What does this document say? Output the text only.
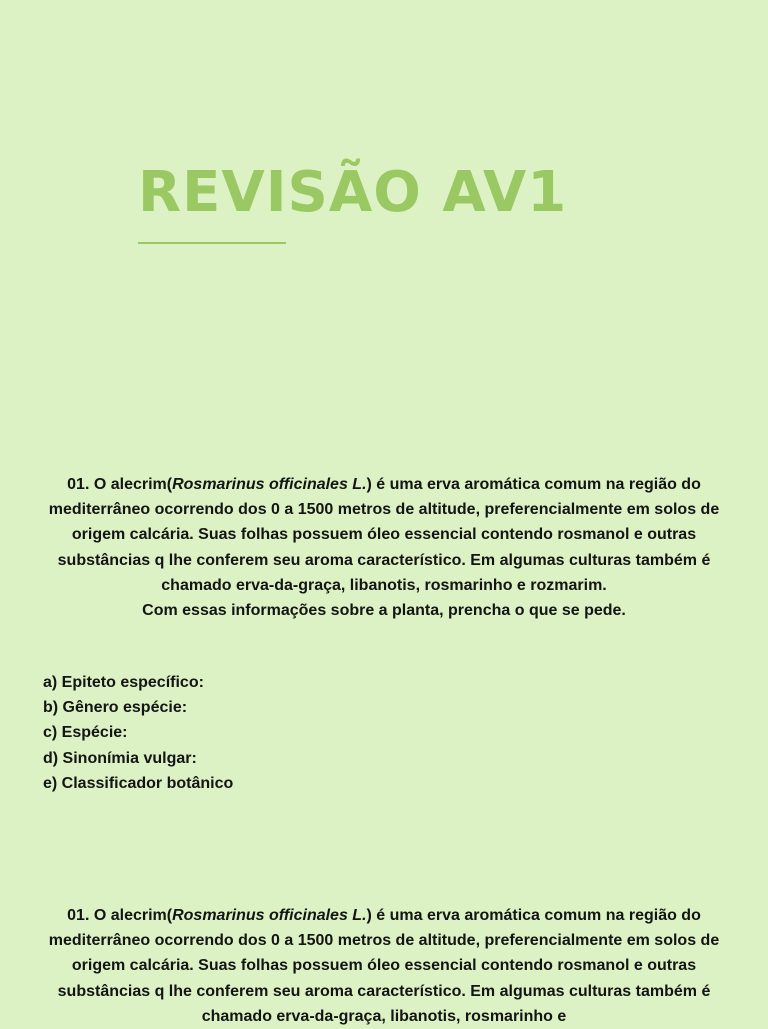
REVISÃO AV1

01. O alecrim(Rosmarinus officinales L.) é uma erva aromática comum na região do mediterrâneo ocorrendo dos 0 a 1500 metros de altitude, preferencialmente em solos de origem calcária. Suas folhas possuem óleo essencial contendo rosmanol e outras substâncias q lhe conferem seu aroma característico. Em algumas culturas também é chamado erva-da-graça, libanotis, rosmarinho e rozmarim.

Com essas informações sobre a planta, prencha o que se pede.

a) Epiteto específico:
b) Gênero espécie:
c) Espécie:
d) Sinonímia vulgar:
e) Classificador botânico

01. O alecrim(Rosmarinus officinales L.) é uma erva aromática comum na região do mediterrâneo ocorrendo dos 0 a 1500 metros de altitude, preferencialmente em solos de origem calcária. Suas folhas possuem óleo essencial contendo rosmanol e outras substâncias q lhe conferem seu aroma característico. Em algumas culturas também é chamado erva-da-graça, libanotis, rosmarinho e
